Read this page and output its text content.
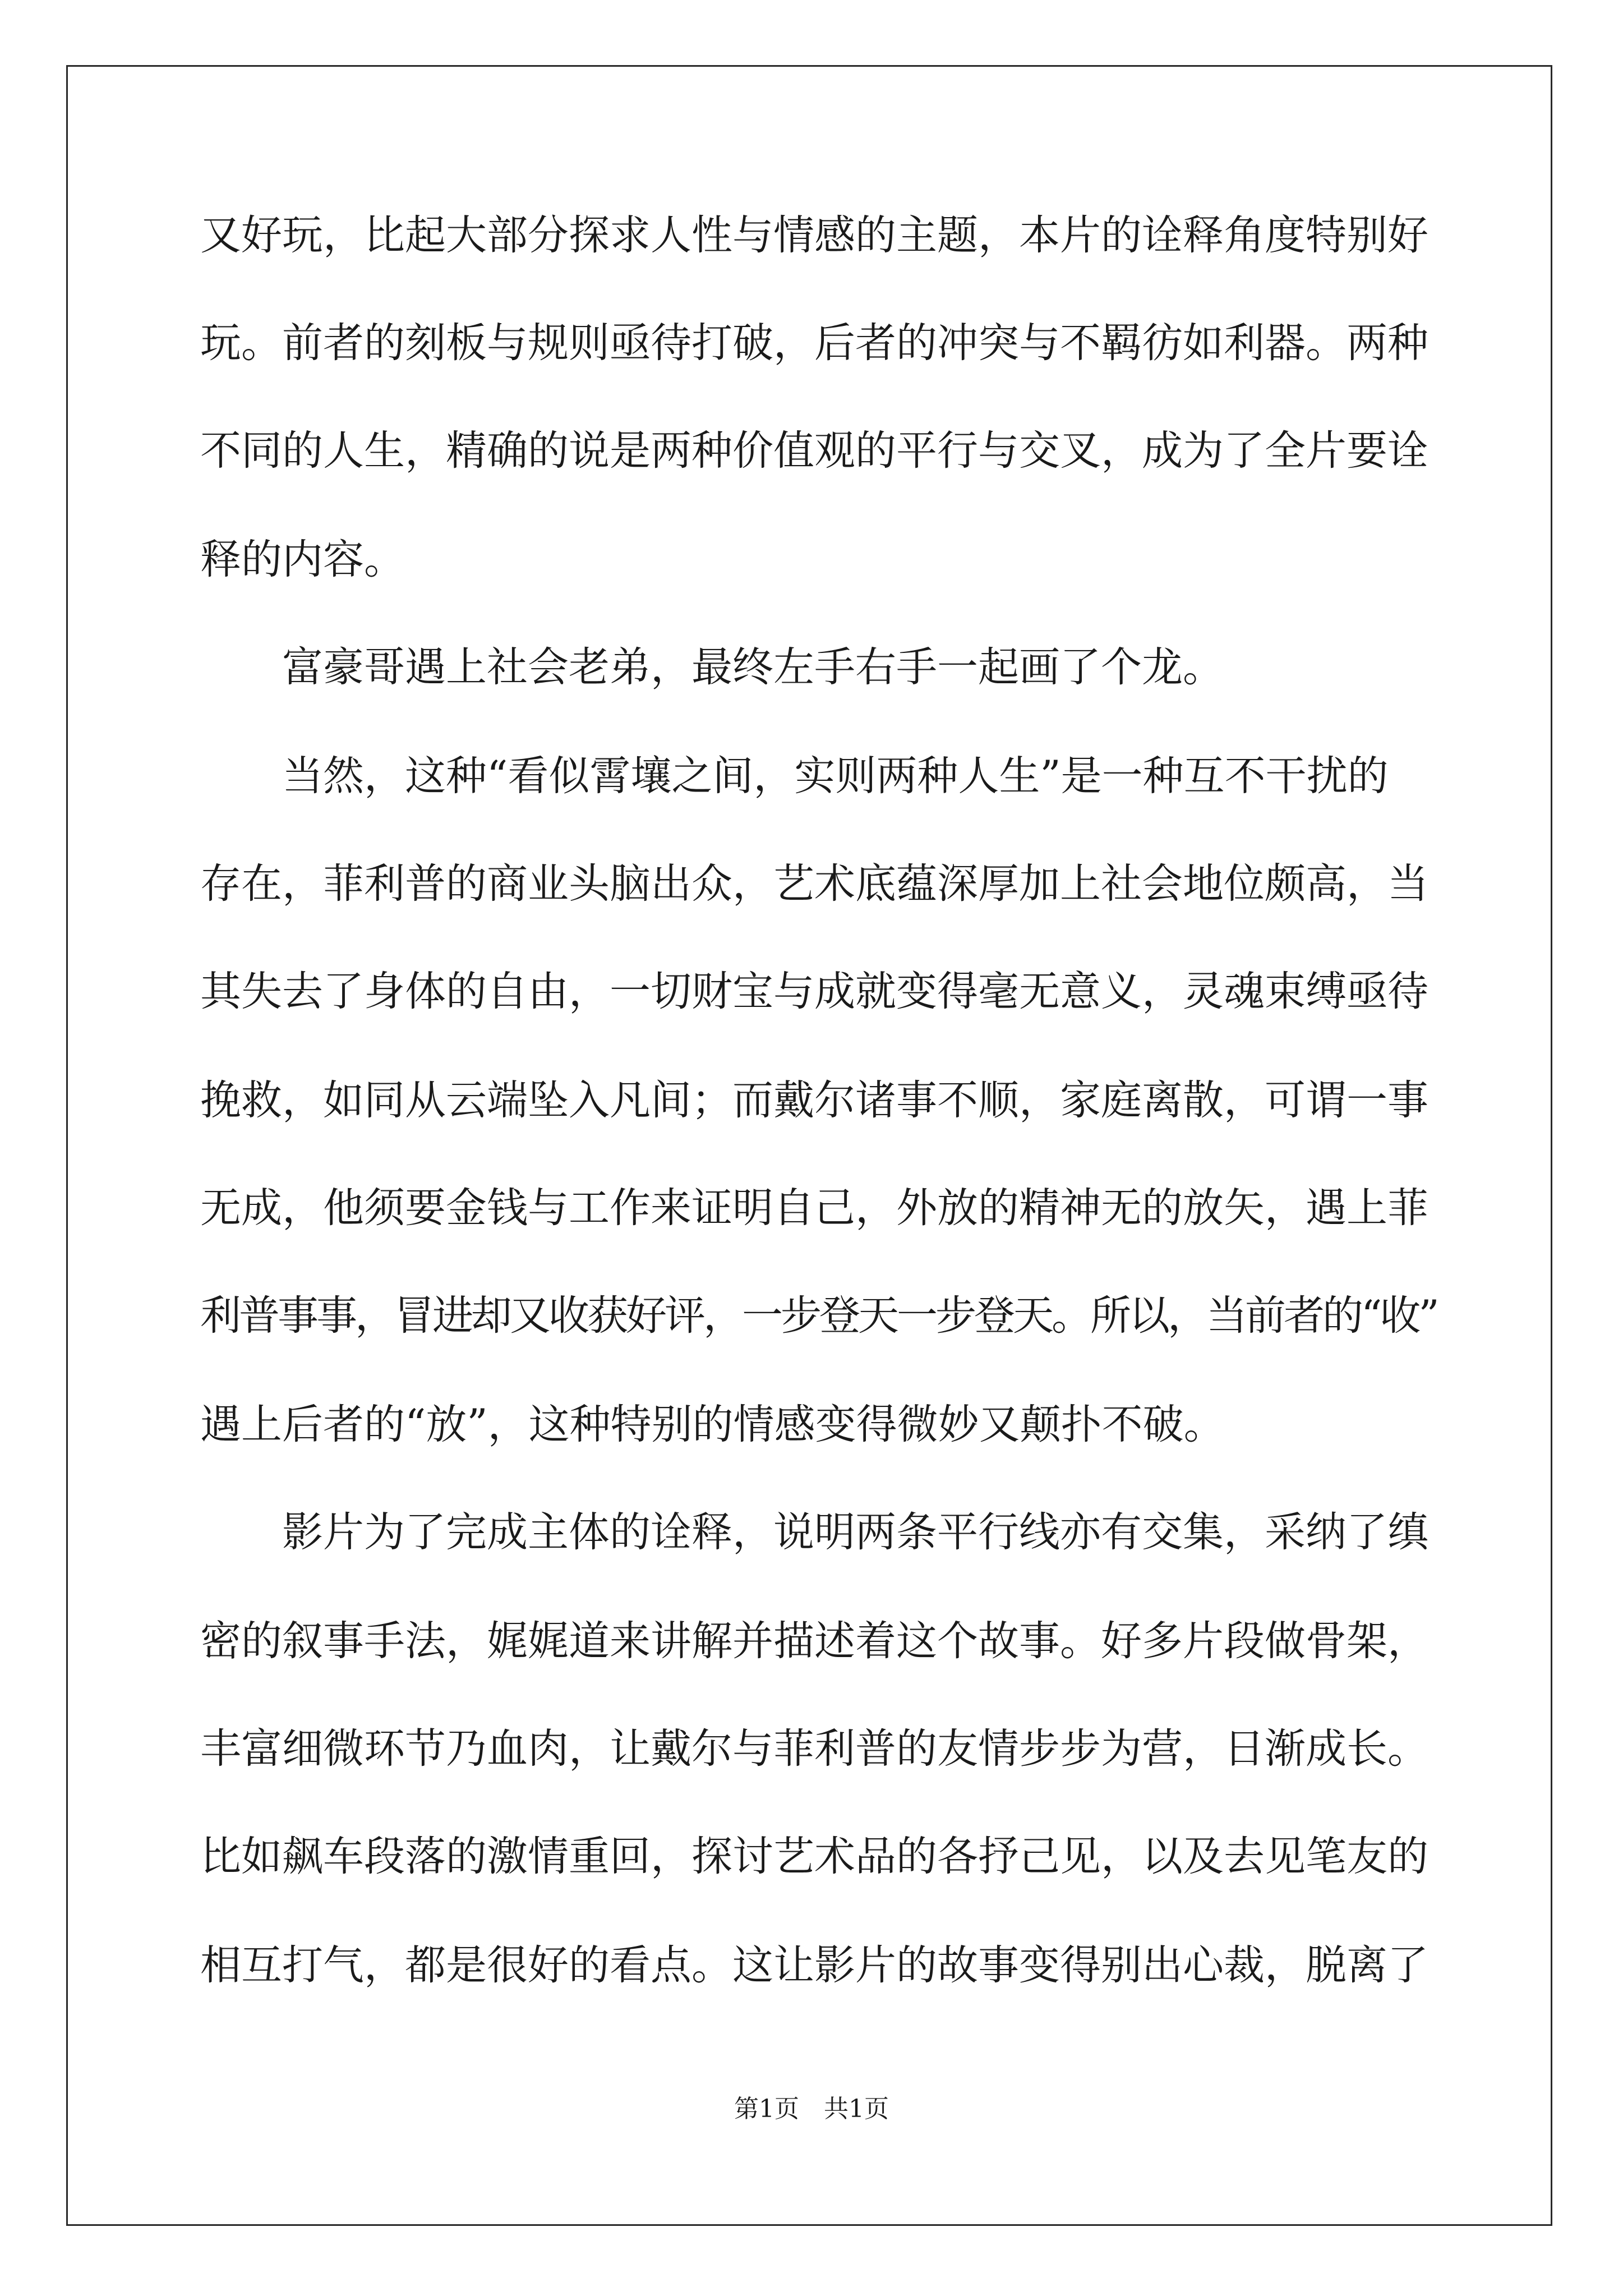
又好玩，比起大部分探求人性与情感的主题，本片的诠释角度特别好
玩。前者的刻板与规则亟待打破，后者的冲突与不羁彷如利器。两种
不同的人生，精确的说是两种价值观的平行与交叉，成为了全片要诠
释的内容。
富豪哥遇上社会老弟，最终左手右手一起画了个龙。
当然，这种“看似霄壤之间，实则两种人生”是一种互不干扰的
存在，菲利普的商业头脑出众，艺术底蕴深厚加上社会地位颇高，当
其失去了身体的自由，一切财宝与成就变得毫无意义，灵魂束缚亟待
挽救，如同从云端坠入凡间；而戴尔诸事不顺，家庭离散，可谓一事
无成，他须要金钱与工作来证明自己，外放的精神无的放矢，遇上菲
利普事事，冒进却又收获好评，一步登天一步登天。所以，当前者的“收”
遇上后者的“放”，这种特别的情感变得微妙又颠扑不破。
影片为了完成主体的诠释，说明两条平行线亦有交集，采纳了缜
密的叙事手法，娓娓道来讲解并描述着这个故事。好多片段做骨架，
丰富细微环节乃血肉，让戴尔与菲利普的友情步步为营，日渐成长。
比如飙车段落的激情重回，探讨艺术品的各抒己见，以及去见笔友的
相互打气，都是很好的看点。这让影片的故事变得别出心裁，脱离了
第1页　共1页
